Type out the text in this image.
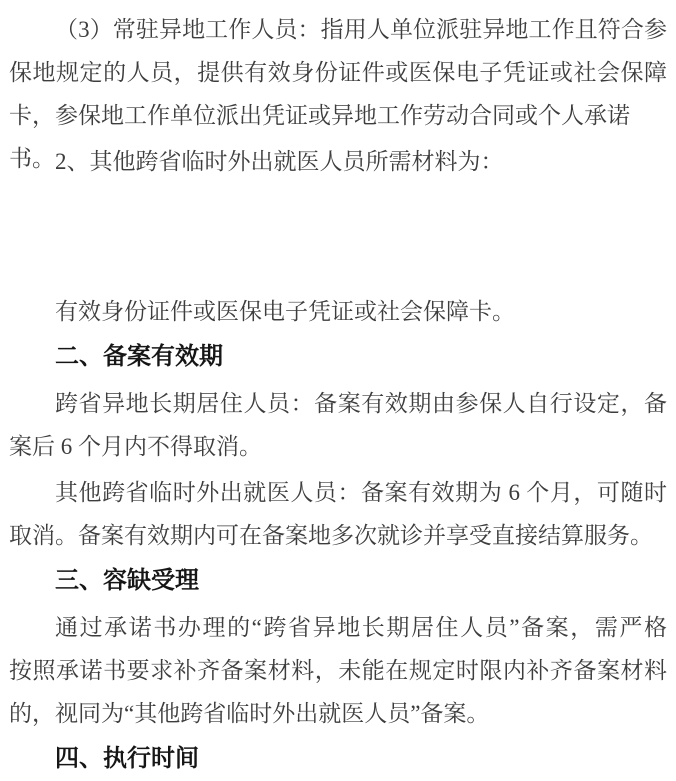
（3）常驻异地工作人员：指用人单位派驻异地工作且符合参
保地规定的人员，提供有效身份证件或医保电子凭证或社会保障
卡，参保地工作单位派出凭证或异地工作劳动合同或个人承诺书。 2、其他跨省临时外出就医人员所需材料为：
有效身份证件或医保电子凭证或社会保障卡。
二、备案有效期
跨省异地长期居住人员：备案有效期由参保人自行设定，备
案后 6 个月内不得取消。
其他跨省临时外出就医人员：备案有效期为 6 个月，可随时
取消。备案有效期内可在备案地多次就诊并享受直接结算服务。
三、容缺受理
通过承诺书办理的“跨省异地长期居住人员”备案，需严格
按照承诺书要求补齐备案材料，未能在规定时限内补齐备案材料
的，视同为“其他跨省临时外出就医人员”备案。
四、执行时间
